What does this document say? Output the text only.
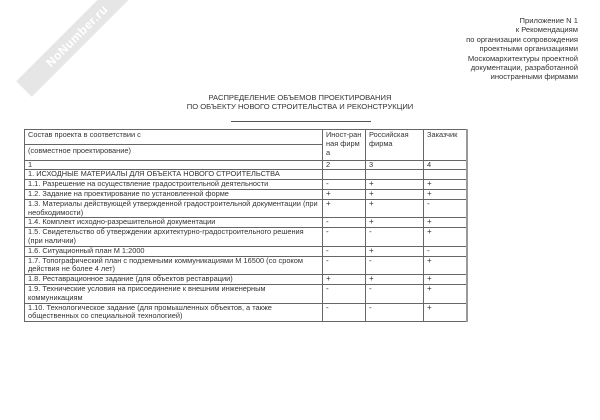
NoNumber.ru	Приложение N 1
к Рекомендациям
по организации сопровождения
проектными организациями
Москомархитектуры проектной
документации, разработанной
иностранными фирмами
РАСПРЕДЕЛЕНИЕ ОБЪЕМОВ ПРОЕКТИРОВАНИЯ
ПО ОБЪЕКТУ НОВОГО СТРОИТЕЛЬСТВА И РЕКОНСТРУКЦИИ
Состав проекта в соответствии с
(совместное проектирование)	Иност-ранная фирма	Российская фирма	Заказчик
1	2	3	4
1. ИСХОДНЫЕ МАТЕРИАЛЫ ДЛЯ ОБЪЕКТА НОВОГО СТРОИТЕЛЬСТВА			
1.1. Разрешение на осуществление градостроительной деятельности	-	+	+
1.2. Задание на проектирование по установленной форме	+	+	+
1.3. Материалы действующей утвержденной градостроительной документации (при необходимости)	+	+	-
1.4. Комплект исходно-разрешительной документации	-	+	+
1.5. Свидетельство об утверждении архитектурно-градостроительного решения (при наличии)	-	-	+
1.6. Ситуационный план М 1:2000	-	+	-
1.7. Топографический план с подземными коммуникациями М 16500 (со сроком действия не более 4 лет)	-	-	+
1.8. Реставрационное задание (для объектов реставрации)	+	+	+
1.9. Технические условия на присоединение к внешним инженерным коммуникациям	-	-	+
1.10. Технологическое задание (для промышленных объектов, а также общественных со специальной технологией)	-	-	+
